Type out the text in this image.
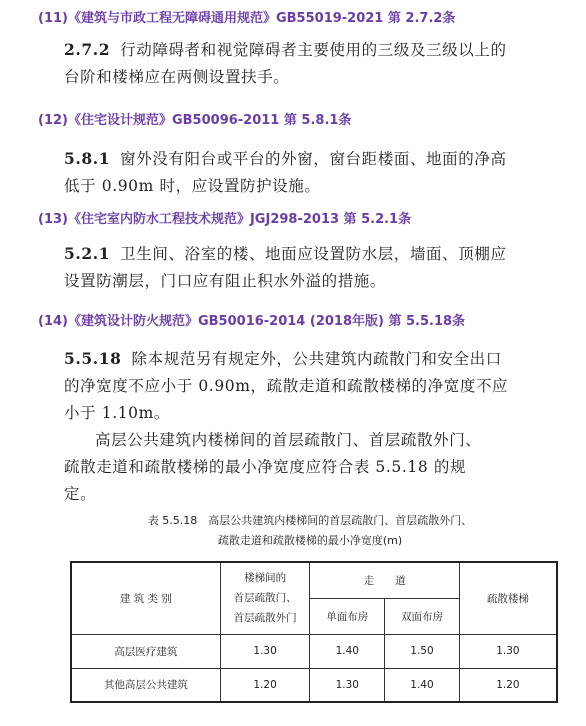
(11)《建筑与市政工程无障碍通用规范》GB55019-2021 第 2.7.2条
2.7.2 行动障碍者和视觉障碍者主要使用的三级及三级以上的
台阶和楼梯应在两侧设置扶手。
(12)《住宅设计规范》GB50096-2011 第 5.8.1条
5.8.1 窗外没有阳台或平台的外窗，窗台距楼面、地面的净高
低于 0.90m 时，应设置防护设施。
(13)《住宅室内防水工程技术规范》JGJ298-2013 第 5.2.1条
5.2.1 卫生间、浴室的楼、地面应设置防水层，墙面、顶棚应
设置防潮层，门口应有阻止积水外溢的措施。
(14)《建筑设计防火规范》GB50016-2014 (2018年版) 第 5.5.18条
5.5.18 除本规范另有规定外，公共建筑内疏散门和安全出口
的净宽度不应小于 0.90m，疏散走道和疏散楼梯的净宽度不应
小于 1.10m。
高层公共建筑内楼梯间的首层疏散门、首层疏散外门、
疏散走道和疏散楼梯的最小净宽度应符合表 5.5.18 的规
定。
表 5.5.18　高层公共建筑内楼梯间的首层疏散门、首层疏散外门、
疏散走道和疏散楼梯的最小净宽度(m)
建 筑 类 别	楼梯间的
首层疏散门、
首层疏散外门	走　　道		疏散楼梯
		单面布房	双面布房	
高层医疗建筑	1.30	1.40	1.50	1.30
其他高层公共建筑	1.20	1.30	1.40	1.20
